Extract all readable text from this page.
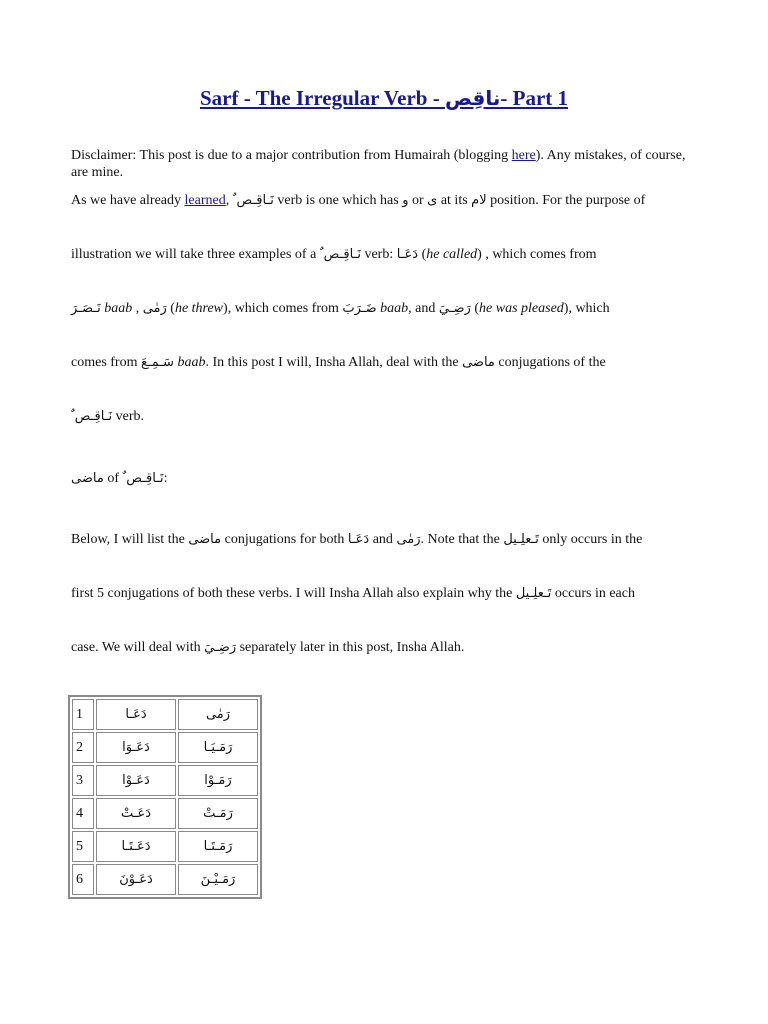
Sarf - The Irregular Verb - ناقِص- Part 1
Disclaimer: This post is due to a major contribution from Humairah (blogging here). Any mistakes, of course, are mine.
As we have already learned, نَـاقِـص ٌ verb is one which has و or ى at its لام position. For the purpose of
illustration we will take three examples of a نَـاقِـص ٌ verb: دَعَـا (he called) , which comes from
نَـصَـرَ baab , رَمٰى (he threw), which comes from ضَـرَبَ baab, and رَضِـيَ (he was pleased), which
comes from سَـمِـعَ baab. In this post I will, Insha Allah, deal with the ماضى conjugations of the
نَـاقِـص ٌ verb.
ماضى of نَـاقِـص ٌ:
Below, I will list the ماضى conjugations for both دَعَـا and رَمٰى. Note that the تَـعلِـيل only occurs in the
first 5 conjugations of both these verbs. I will Insha Allah also explain why the تَـعلِـيل occurs in each
case. We will deal with رَضِـيَ separately later in this post, Insha Allah.
1	دَعَـا	رَمٰى
2	دَعَـوَا	رَمَـيَـا
3	دَعَـوْا	رَمَـوْا
4	دَعَـتْ	رَمَـتْ
5	دَعَـتَـا	رَمَـتَـا
6	دَعَـوْنَ	رَمَـيْـنَ
